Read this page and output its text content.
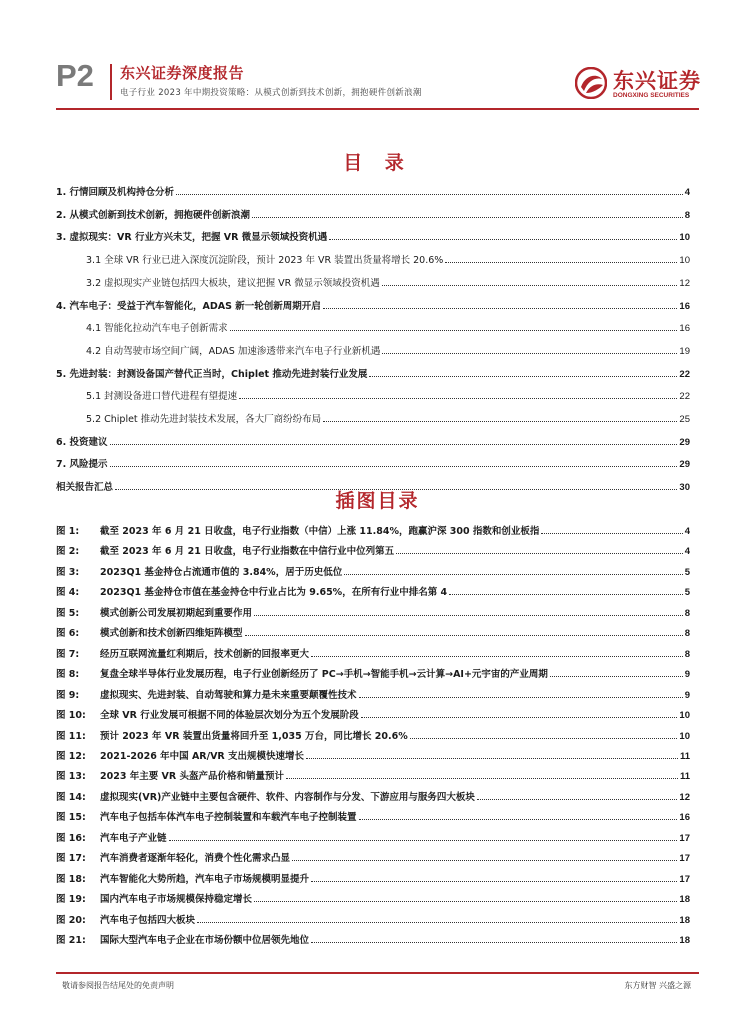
P2 东兴证券深度报告
电子行业 2023 年中期投资策略：从模式创新到技术创新，拥抱硬件创新浪潮	东兴证券
DONGXING SECURITIES
目 录
1. 行情回顾及机构持仓分析	4
2. 从模式创新到技术创新，拥抱硬件创新浪潮	8
3. 虚拟现实：VR 行业方兴未艾，把握 VR 微显示领域投资机遇	10
3.1 全球 VR 行业已进入深度沉淀阶段，预计 2023 年 VR 装置出货量将增长 20.6%	10
3.2 虚拟现实产业链包括四大板块，建议把握 VR 微显示领域投资机遇	12
4. 汽车电子：受益于汽车智能化，ADAS 新一轮创新周期开启	16
4.1 智能化拉动汽车电子创新需求	16
4.2 自动驾驶市场空间广阔，ADAS 加速渗透带来汽车电子行业新机遇	19
5. 先进封装：封测设备国产替代正当时，Chiplet 推动先进封装行业发展	22
5.1 封测设备进口替代进程有望提速	22
5.2 Chiplet 推动先进封装技术发展，各大厂商纷纷布局	25
6. 投资建议	29
7. 风险提示	29
相关报告汇总	30
插图目录
图 1:	截至 2023 年 6 月 21 日收盘，电子行业指数（中信）上涨 11.84%，跑赢沪深 300 指数和创业板指	4
图 2:	截至 2023 年 6 月 21 日收盘，电子行业指数在中信行业中位列第五	4
图 3:	2023Q1 基金持仓占流通市值的 3.84%，居于历史低位	5
图 4:	2023Q1 基金持仓市值在基金持仓中行业占比为 9.65%，在所有行业中排名第 4	5
图 5:	模式创新公司发展初期起到重要作用	8
图 6:	模式创新和技术创新四维矩阵模型	8
图 7:	经历互联网流量红利期后，技术创新的回报率更大	8
图 8:	复盘全球半导体行业发展历程，电子行业创新经历了 PC→手机→智能手机→云计算→AI+元宇宙的产业周期	9
图 9:	虚拟现实、先进封装、自动驾驶和算力是未来重要颠覆性技术	9
图 10:	全球 VR 行业发展可根据不同的体验层次划分为五个发展阶段	10
图 11:	预计 2023 年 VR 装置出货量将回升至 1,035 万台，同比增长 20.6%	10
图 12:	2021-2026 年中国 AR/VR 支出规模快速增长	11
图 13:	2023 年主要 VR 头盔产品价格和销量预计	11
图 14:	虚拟现实(VR)产业链中主要包含硬件、软件、内容制作与分发、下游应用与服务四大板块	12
图 15:	汽车电子包括车体汽车电子控制装置和车载汽车电子控制装置	16
图 16:	汽车电子产业链	17
图 17:	汽车消费者逐渐年轻化，消费个性化需求凸显	17
图 18:	汽车智能化大势所趋，汽车电子市场规模明显提升	17
图 19:	国内汽车电子市场规模保持稳定增长	18
图 20:	汽车电子包括四大板块	18
图 21:	国际大型汽车电子企业在市场份额中位居领先地位	18
敬请参阅报告结尾处的免责声明	东方财智 兴盛之源
